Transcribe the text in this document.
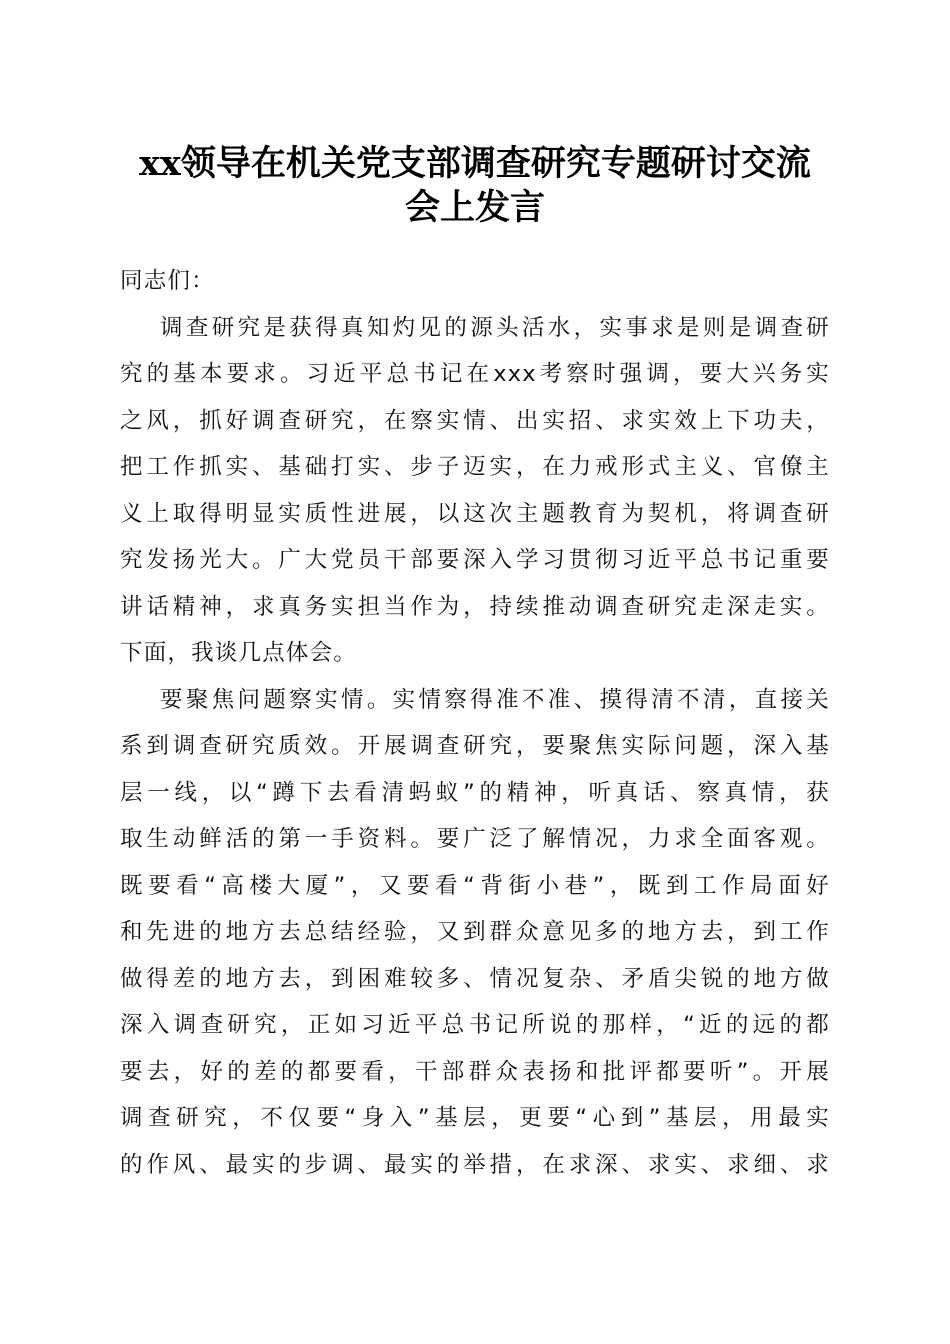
xx领导在机关党支部调查研究专题研讨交流
会上发言
同志们：
调查研究是获得真知灼见的源头活水，实事求是则是调查研
究的基本要求。习近平总书记在xxx考察时强调，要大兴务实
之风，抓好调查研究，在察实情、出实招、求实效上下功夫，
把工作抓实、基础打实、步子迈实，在力戒形式主义、官僚主
义上取得明显实质性进展，以这次主题教育为契机，将调查研
究发扬光大。广大党员干部要深入学习贯彻习近平总书记重要
讲话精神，求真务实担当作为，持续推动调查研究走深走实。
下面，我谈几点体会。
要聚焦问题察实情。实情察得准不准、摸得清不清，直接关
系到调查研究质效。开展调查研究，要聚焦实际问题，深入基
层一线，以“蹲下去看清蚂蚁”的精神，听真话、察真情，获
取生动鲜活的第一手资料。要广泛了解情况，力求全面客观。
既要看“高楼大厦”，又要看“背街小巷”，既到工作局面好
和先进的地方去总结经验，又到群众意见多的地方去，到工作
做得差的地方去，到困难较多、情况复杂、矛盾尖锐的地方做
深入调查研究，正如习近平总书记所说的那样，“近的远的都
要去，好的差的都要看，干部群众表扬和批评都要听”。开展
调查研究，不仅要“身入”基层，更要“心到”基层，用最实
的作风、最实的步调、最实的举措，在求深、求实、求细、求
